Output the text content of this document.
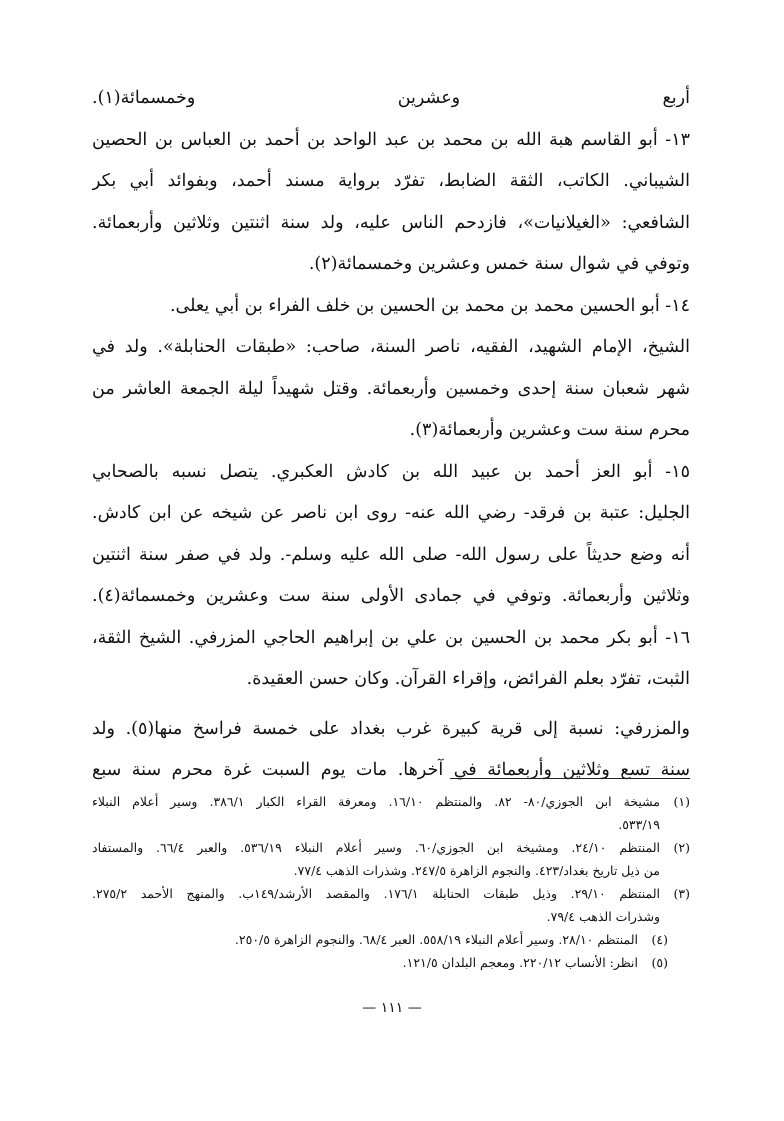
أربع وعشرين وخمسمائة(١).
١٣- أبو القاسم هبة الله بن محمد بن عبد الواحد بن أحمد بن العباس بن الحصين
الشيباني. الكاتب، الثقة الضابط، تفرّد برواية مسند أحمد، وبفوائد أبي بكر
الشافعي: «الغيلانيات»، فازدحم الناس عليه، ولد سنة اثنتين وثلاثين وأربعمائة.
وتوفي في شوال سنة خمس وعشرين وخمسمائة(٢).
١٤- أبو الحسين محمد بن محمد بن الحسين بن خلف الفراء بن أبي يعلى.
الشيخ، الإمام الشهيد، الفقيه، ناصر السنة، صاحب: «طبقات الحنابلة». ولد في
شهر شعبان سنة إحدى وخمسين وأربعمائة. وقتل شهيداً ليلة الجمعة العاشر من
محرم سنة ست وعشرين وأربعمائة(٣).
١٥- أبو العز أحمد بن عبيد الله بن كادش العكبري. يتصل نسبه بالصحابي
الجليل: عتبة بن فرقد- رضي الله عنه- روى ابن ناصر عن شيخه عن ابن كادش.
أنه وضع حديثاً على رسول الله- صلى الله عليه وسلم-. ولد في صفر سنة اثنتين
وثلاثين وأربعمائة. وتوفي في جمادى الأولى سنة ست وعشرين وخمسمائة(٤).
١٦- أبو بكر محمد بن الحسين بن علي بن إبراهيم الحاجي المزرفي. الشيخ الثقة،
الثبت، تفرّد بعلم الفرائض، وإقراء القرآن. وكان حسن العقيدة.
والمزرفي: نسبة إلى قرية كبيرة غرب بغداد على خمسة فراسخ منها(٥). ولد
سنة تسع وثلاثين وأربعمائة في آخرها. مات يوم السبت غرة محرم سنة سبع
(١)
مشيخة ابن الجوزي/٨٠- ٨٢. والمنتظم ١٦/١٠. ومعرفة القراء الكبار ٣٨٦/١. وسير أعلام النبلاء
٥٣٣/١٩.
(٢)
المنتظم ٢٤/١٠. ومشيخة ابن الجوزي/٦٠. وسير أعلام النبلاء ٥٣٦/١٩. والعبر ٦٦/٤. والمستفاد
من ذيل تاريخ بغداد/٤٢٣. والنجوم الزاهرة ٢٤٧/٥. وشذرات الذهب ٧٧/٤.
(٣)
المنتظم ٢٩/١٠. وذيل طبقات الحنابلة ١٧٦/١. والمقصد الأرشد/١٤٩ب. والمنهج الأحمد ٢٧٥/٢.
وشذرات الذهب ٧٩/٤.
(٤)
المنتظم ٢٨/١٠. وسير أعلام النبلاء ٥٥٨/١٩. العبر ٦٨/٤. والنجوم الزاهرة ٢٥٠/٥.
(٥)
انظر: الأنساب ٢٢٠/١٢. ومعجم البلدان ١٢١/٥.
— ١١١ —
